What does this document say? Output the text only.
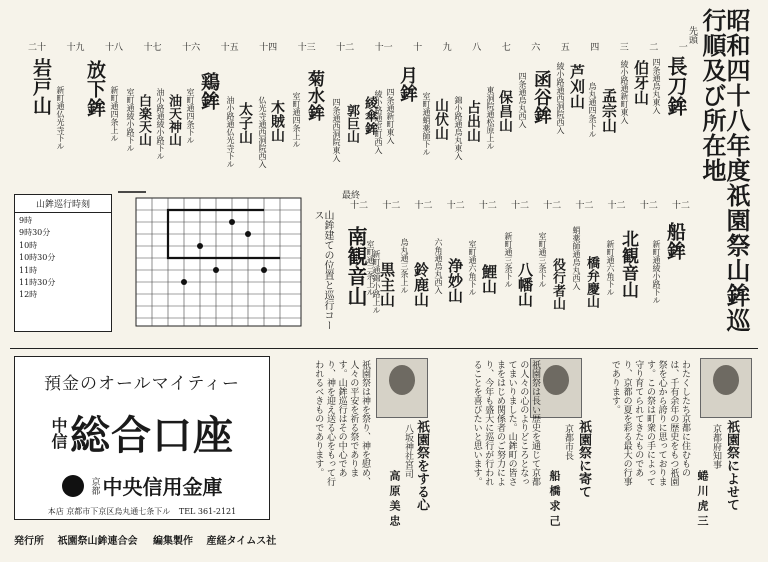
昭和四十八年度祇園祭山鉾巡行順及び所在地
先頭
一
二
三
四
五
六
七
八
九
十
十一
十二
十三
十四
十五
十六
十七
十八
十九
二十
長刀鉾
四条通烏丸東入
伯牙山
綾小路通新町東入
孟宗山
烏丸通四条下ル
芦刈山
綾小路通西洞院西入
函谷鉾
四条通烏丸西入
保昌山
東洞院通松原上ル
占出山
錦小路通烏丸東入
山伏山
室町通蛸薬師下ル
月鉾
四条通新町東入
郭巨山
四条通西洞院東入 綾傘鉾
綾小路通室町西入
菊水鉾
室町通四条上ル
木賊山
仏光寺通西洞院西入
太子山
油小路通仏光寺下ル
鶏鉾
室町通四条下ル
油天神山
油小路通綾小路下ル
白楽天山
室町通綾小路下ル
放下鉾 新町通四条上ル
岩戸山 新町通仏光寺下ル
最終
十二
十二
十二
十二
十二
十二
十二
十二
十二
十二
十二
船鉾
新町通綾小路下ル
北観音山
新町通六角下ル
橋弁慶山
蛸薬師通烏丸西入
役行者山
室町通三条下ル
八幡山
新町通三条下ル
鯉山
室町通六角下ル
浄妙山
六角通烏丸西入
鈴鹿山
烏丸通三条上ル
黒主山
室町通三条上ル
南観音山 新町通錦小路上ル
山鉾巡行時刻
9時
9時30分
10時
10時30分
11時
11時30分
12時	山鉾建ての位置と巡行コース
預金のオールマイティー
中信 総合口座
京都 中央信用金庫
本店 京都市下京区烏丸通七条下ル TEL 361-2121
発行所 祇園祭山鉾連合会 編集製作 産経タイムス社
祇園祭によせて
京都府知事
蜷川虎三
わたくしたち京都に住むものは、千有余年の歴史をもつ祇園祭を心から誇りに思っております。この祭は町衆の手によって守り育てられてきたものであり、京都の夏を彩る最大の行事であります。
祇園祭に寄て
京都市長
船橋求己
祇園祭は長い歴史を通じて京都の人々の心のよりどころとなってまいりました。山鉾町の皆さまをはじめ関係者のご努力により、今年も盛大に巡行が行われることを喜びたいと思います。
祇園祭をする心
八坂神社宮司
高原美忠
祇園祭は神を祭り、神を慰め、人々の平安を祈る祭であります。山鉾巡行はその中心であり、神を迎え送る心をもって行われるべきものであります。
